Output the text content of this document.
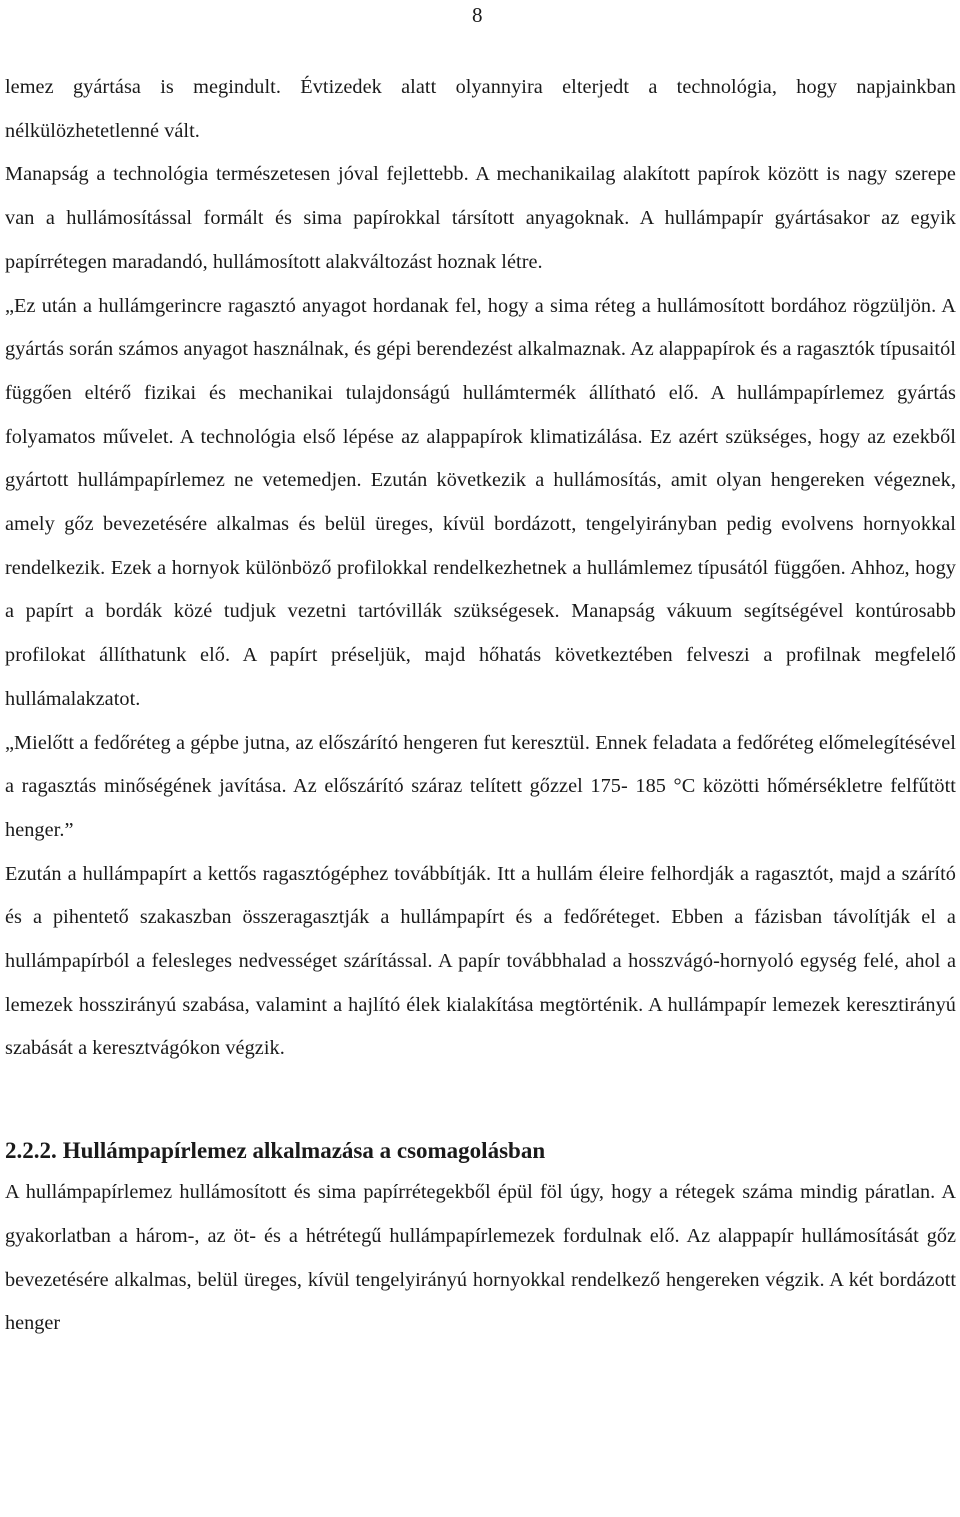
8

lemez gyártása is megindult. Évtizedek alatt olyannyira elterjedt a technológia, hogy napjainkban nélkülözhetetlenné vált.

Manapság a technológia természetesen jóval fejlettebb. A mechanikailag alakított papírok között is nagy szerepe van a hullámosítással formált és sima papírokkal társított anyagoknak. A hullámpapír gyártásakor az egyik papírrétegen maradandó, hullámosított alakváltozást hoznak létre.

„Ez után a hullámgerincre ragasztó anyagot hordanak fel, hogy a sima réteg a hullámosított bordához rögzüljön. A gyártás során számos anyagot használnak, és gépi berendezést alkalmaznak. Az alappapírok és a ragasztók típusaitól függően eltérő fizikai és mechanikai tulajdonságú hullámtermék állítható elő. A hullámpapírlemez gyártás folyamatos művelet. A technológia első lépése az alappapírok klimatizálása. Ez azért szükséges, hogy az ezekből gyártott hullámpapírlemez ne vetemedjen. Ezután következik a hullámosítás, amit olyan hengereken végeznek, amely gőz bevezetésére alkalmas és belül üreges, kívül bordázott, tengelyirányban pedig evolvens hornyokkal rendelkezik. Ezek a hornyok különböző profilokkal rendelkezhetnek a hullámlemez típusától függően. Ahhoz, hogy a papírt a bordák közé tudjuk vezetni tartóvillák szükségesek. Manapság vákuum segítségével kontúrosabb profilokat állíthatunk elő. A papírt préseljük, majd hőhatás következtében felveszi a profilnak megfelelő hullámalakzatot.

„Mielőtt a fedőréteg a gépbe jutna, az előszárító hengeren fut keresztül. Ennek feladata a fedőréteg előmelegítésével a ragasztás minőségének javítása. Az előszárító száraz telített gőzzel 175- 185 °C közötti hőmérsékletre felfűtött henger.”

Ezután a hullámpapírt a kettős ragasztógéphez továbbítják. Itt a hullám éleire felhordják a ragasztót, majd a szárító és a pihentető szakaszban összeragasztják a hullámpapírt és a fedőréteget. Ebben a fázisban távolítják el a hullámpapírból a felesleges nedvességet szárítással. A papír továbbhalad a hosszvágó-hornyoló egység felé, ahol a lemezek hosszirányú szabása, valamint a hajlító élek kialakítása megtörténik. A hullámpapír lemezek keresztirányú szabását a keresztvágókon végzik.

2.2.2. Hullámpapírlemez alkalmazása a csomagolásban

A hullámpapírlemez hullámosított és sima papírrétegekből épül föl úgy, hogy a rétegek száma mindig páratlan. A gyakorlatban a három-, az öt- és a hétrétegű hullámpapírlemezek fordulnak elő. Az alappapír hullámosítását gőz bevezetésére alkalmas, belül üreges, kívül tengelyirányú hornyokkal rendelkező hengereken végzik. A két bordázott henger
